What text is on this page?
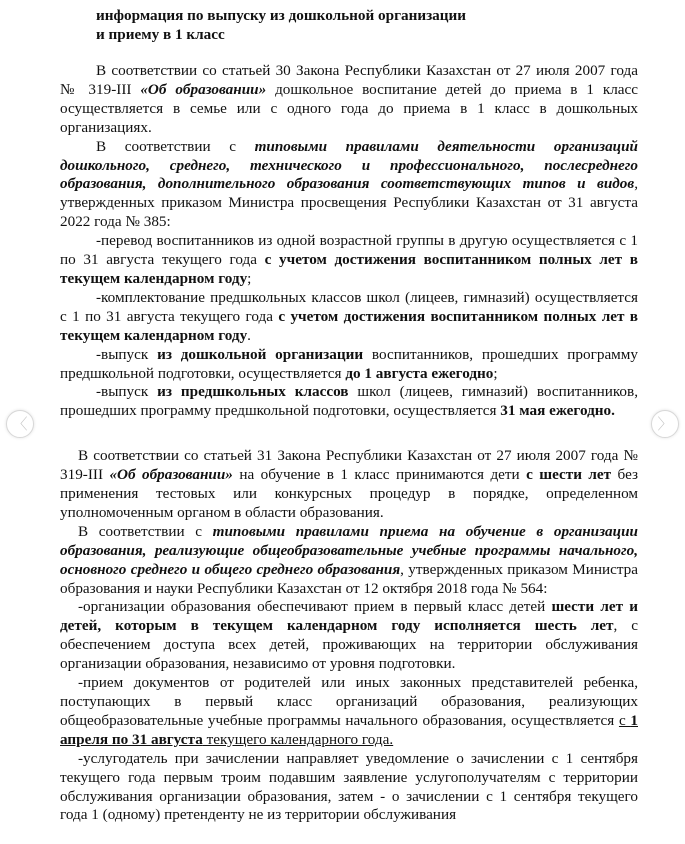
информация по выпуску из дошкольной организации
и приему в 1 класс

В соответствии со статьей 30 Закона Республики Казахстан от 27 июля 2007 года № 319-III «Об образовании» дошкольное воспитание детей до приема в 1 класс осуществляется в семье или с одного года до приема в 1 класс в дошкольных организациях.

В соответствии с типовыми правилами деятельности организаций дошкольного, среднего, технического и профессионального, послесреднего образования, дополнительного образования соответствующих типов и видов, утвержденных приказом Министра просвещения Республики Казахстан от 31 августа 2022 года № 385:

-перевод воспитанников из одной возрастной группы в другую осуществляется с 1 по 31 августа текущего года с учетом достижения воспитанником полных лет в текущем календарном году;

-комплектование предшкольных классов школ (лицеев, гимназий) осуществляется с 1 по 31 августа текущего года с учетом достижения воспитанником полных лет в текущем календарном году.

-выпуск из дошкольной организации воспитанников, прошедших программу предшкольной подготовки, осуществляется до 1 августа ежегодно;

-выпуск из предшкольных классов школ (лицеев, гимназий) воспитанников, прошедших программу предшкольной подготовки, осуществляется 31 мая ежегодно.

В соответствии со статьей 31 Закона Республики Казахстан от 27 июля 2007 года № 319-III «Об образовании» на обучение в 1 класс принимаются дети с шести лет без применения тестовых или конкурсных процедур в порядке, определенном уполномоченным органом в области образования.

В соответствии с типовыми правилами приема на обучение в организации образования, реализующие общеобразовательные учебные программы начального, основного среднего и общего среднего образования, утвержденных приказом Министра образования и науки Республики Казахстан от 12 октября 2018 года № 564:

-организации образования обеспечивают прием в первый класс детей шести лет и детей, которым в текущем календарном году исполняется шесть лет, с обеспечением доступа всех детей, проживающих на территории обслуживания организации образования, независимо от уровня подготовки.

-прием документов от родителей или иных законных представителей ребенка, поступающих в первый класс организаций образования, реализующих общеобразовательные учебные программы начального образования, осуществляется с 1 апреля по 31 августа текущего календарного года.

-услугодатель при зачислении направляет уведомление о зачислении с 1 сентября текущего года первым троим подавшим заявление услугополучателям с территории обслуживания организации образования, затем - о зачислении с 1 сентября текущего года 1 (одному) претенденту не из территории обслуживания

〈	〉
